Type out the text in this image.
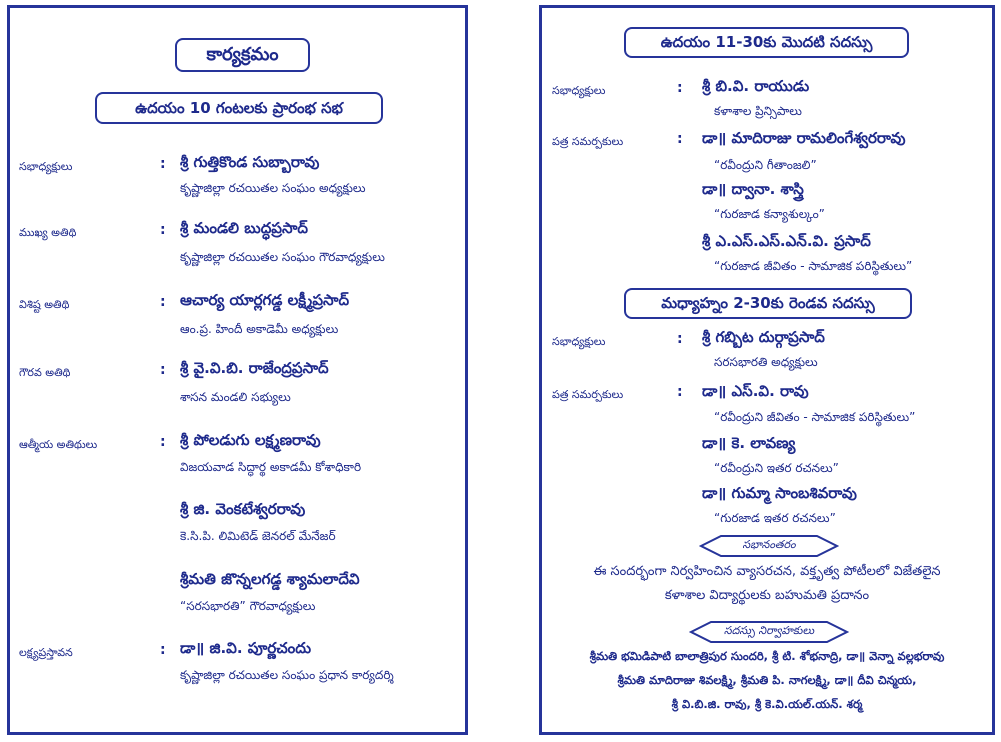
కార్యక్రమం
ఉదయం 10 గంటలకు ప్రారంభ సభ
సభాధ్యక్షులు	: శ్రీ గుత్తికొండ సుబ్బారావు
కృష్ణాజిల్లా రచయితల సంఘం అధ్యక్షులు
ముఖ్య అతిథి	: శ్రీ మండలి బుద్ధప్రసాద్
కృష్ణాజిల్లా రచయితల సంఘం గౌరవాధ్యక్షులు
విశిష్ట అతిథి	: ఆచార్య యార్లగడ్డ లక్ష్మీప్రసాద్
ఆం.ప్ర. హిందీ అకాడెమీ అధ్యక్షులు
గౌరవ అతిథి	: శ్రీ వై.వి.బి. రాజేంద్రప్రసాద్
శాసన మండలి సభ్యులు
ఆత్మీయ అతిథులు	: శ్రీ పోలడుగు లక్ష్మణరావు
విజయవాడ సిద్ధార్థ అకాడమీ కోశాధికారి
శ్రీ జి. వెంకటేశ్వరరావు
కె.సి.పి. లిమిటెడ్ జెనరల్ మేనేజర్
శ్రీమతి జొన్నలగడ్డ శ్యామలాదేవి
“సరసభారతి” గౌరవాధ్యక్షులు
లక్ష్యప్రస్తావన	: డా॥ జి.వి. పూర్ణచందు
కృష్ణాజిల్లా రచయితల సంఘం ప్రధాన కార్యదర్శి
ఉదయం 11-30కు మొదటి సదస్సు
సభాధ్యక్షులు	: శ్రీ బి.వి. రాయుడు
కళాశాల ప్రిన్సిపాలు
పత్ర సమర్పకులు	: డా॥ మాదిరాజు రామలింగేశ్వరరావు
“రవీంద్రుని గీతాంజలి”
డా॥ ద్వానా. శాస్త్రి
“గురజాడ కన్యాశుల్కం”
శ్రీ ఎ.ఎస్.ఎస్.ఎన్.వి. ప్రసాద్
“గురజాడ జీవితం - సామాజిక పరిస్థితులు”
మధ్యాహ్నం 2-30కు రెండవ సదస్సు
సభాధ్యక్షులు	: శ్రీ గబ్బిట దుర్గాప్రసాద్
సరసభారతి అధ్యక్షులు
పత్ర సమర్పకులు	: డా॥ ఎస్.వి. రావు
“రవీంద్రుని జీవితం - సామాజిక పరిస్థితులు”
డా॥ కె. లావణ్య
“రవీంద్రుని ఇతర రచనలు”
డా॥ గుమ్మా సాంబశివరావు
“గురజాడ ఇతర రచనలు”
సభానంతరం
ఈ సందర్భంగా నిర్వహించిన వ్యాసరచన, వక్తృత్వ పోటీలలో విజేతలైన
కళాశాల విద్యార్థులకు బహుమతి ప్రదానం
సదస్సు నిర్వాహకులు
శ్రీమతి భమిడిపాటి బాలాత్రిపుర సుందరి, శ్రీ టి. శోభనాద్రి, డా॥ వెన్నా వల్లభరావు
శ్రీమతి మాదిరాజు శివలక్ష్మి, శ్రీమతి పి. నాగలక్ష్మి, డా॥ దీవి చిన్మయ,
శ్రీ వి.బి.జి. రావు, శ్రీ కె.వి.యల్.యన్. శర్మ
